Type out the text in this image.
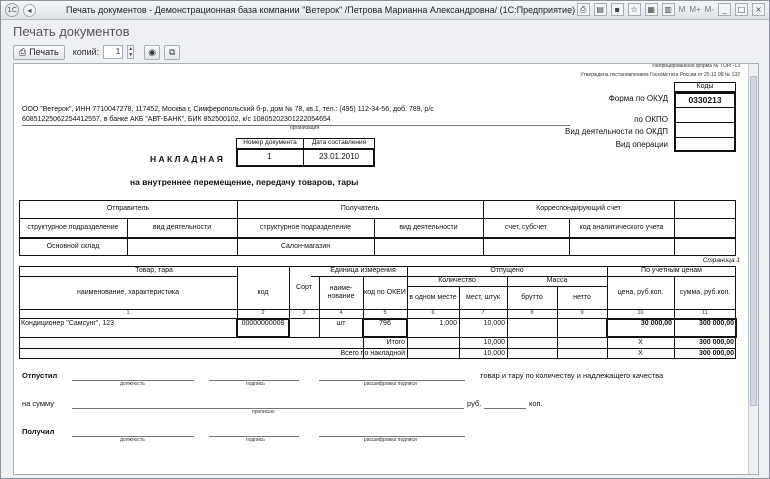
1С	◂	Печать документов - Демонстрационная база компании "Ветерок" /Петрова Марианна Александровна/ (1С:Предприятие) ⎙	▤	▪	☆	▦	▥ M M+ M-	_	□	×
Печать документов
⎙ Печать копий:	1	▲
▼	◉	⧉
Унифицированная форма № ТОРГ-13
Утверждена постановлением Госкомстата России от 25.12.98 № 132
Коды
0330213
Форма по ОКУД
по ОКПО
Вид деятельности по ОКДП
Вид операции
ООО "Ветерок", ИНН 7710047278, 117452, Москва г, Симферопольский б-р, дом № 78, кв.1, тел.: (495) 112-34-56, доб. 789, р/с
60851225062254412557, в банке АКБ "АВТ-БАНК", БИК 852500102, к/с 10805202301222054654
организация
Номер документа	Дата составления
1	23.01.2010
Н А К Л А Д Н А Я
на внутреннее перемещение, передачу товаров, тары
Отправитель	Получатель	Корреспондирующий счет
структурное подразделение	вид деятельности	структурное подразделение	вид деятельности	счет, субсчет	код аналитического учета
Основной склад	Салон-магазин
Страница 1
Товар, тара	Единица измерения	Отпущено	По учетным ценам
наименование, характеристика	код
Сорт	наиме-нование
код по ОКЕИ
Количество	Масса
в одном месте	мест, штук	брутто	нетто
цена, руб.коп.	сумма, руб.коп.
1	2	3	4	5	6	7	8	9	10	11
Кондиционер "Самсунг", 123	00000000008	шт	796	1,000	10,000	30 000,00	300 000,00
Итого	10,000	X	300 000,00
Всего по накладной	10,000	X	300 000,00
Отпустил
должность	подпись	расшифровка подписи
товар и тару по количеству и надлежащего качества
на сумму
прописью
руб.	коп.
Получил
должность	подпись	расшифровка подписи
